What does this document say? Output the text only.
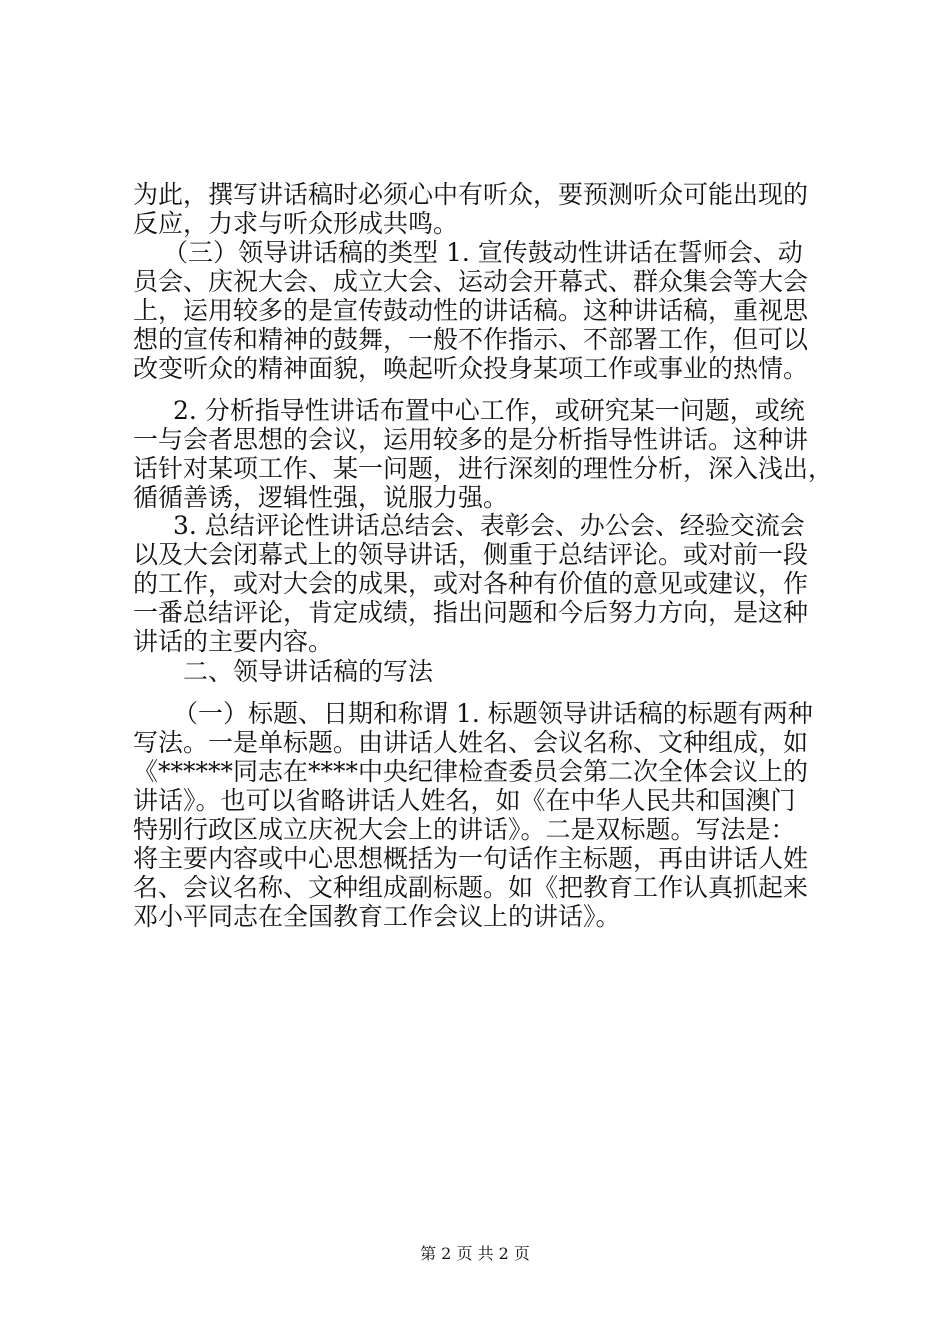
为此，撰写讲话稿时必须心中有听众，要预测听众可能出现的
反应，力求与听众形成共鸣。
（三）领导讲话稿的类型 1. 宣传鼓动性讲话在誓师会、动
员会、庆祝大会、成立大会、运动会开幕式、群众集会等大会
上，运用较多的是宣传鼓动性的讲话稿。这种讲话稿，重视思
想的宣传和精神的鼓舞，一般不作指示、不部署工作，但可以
改变听众的精神面貌，唤起听众投身某项工作或事业的热情。
2. 分析指导性讲话布置中心工作，或研究某一问题，或统
一与会者思想的会议，运用较多的是分析指导性讲话。这种讲
话针对某项工作、某一问题，进行深刻的理性分析，深入浅出，
循循善诱，逻辑性强，说服力强。
3. 总结评论性讲话总结会、表彰会、办公会、经验交流会
以及大会闭幕式上的领导讲话，侧重于总结评论。或对前一段
的工作，或对大会的成果，或对各种有价值的意见或建议，作
一番总结评论，肯定成绩，指出问题和今后努力方向，是这种
讲话的主要内容。
二、领导讲话稿的写法
（一）标题、日期和称谓 1. 标题领导讲话稿的标题有两种
写法。一是单标题。由讲话人姓名、会议名称、文种组成，如
《******同志在****中央纪律检查委员会第二次全体会议上的
讲话》。也可以省略讲话人姓名，如《在中华人民共和国澳门
特别行政区成立庆祝大会上的讲话》。二是双标题。写法是：
将主要内容或中心思想概括为一句话作主标题，再由讲话人姓
名、会议名称、文种组成副标题。如《把教育工作认真抓起来
邓小平同志在全国教育工作会议上的讲话》。
第 2 页 共 2 页
